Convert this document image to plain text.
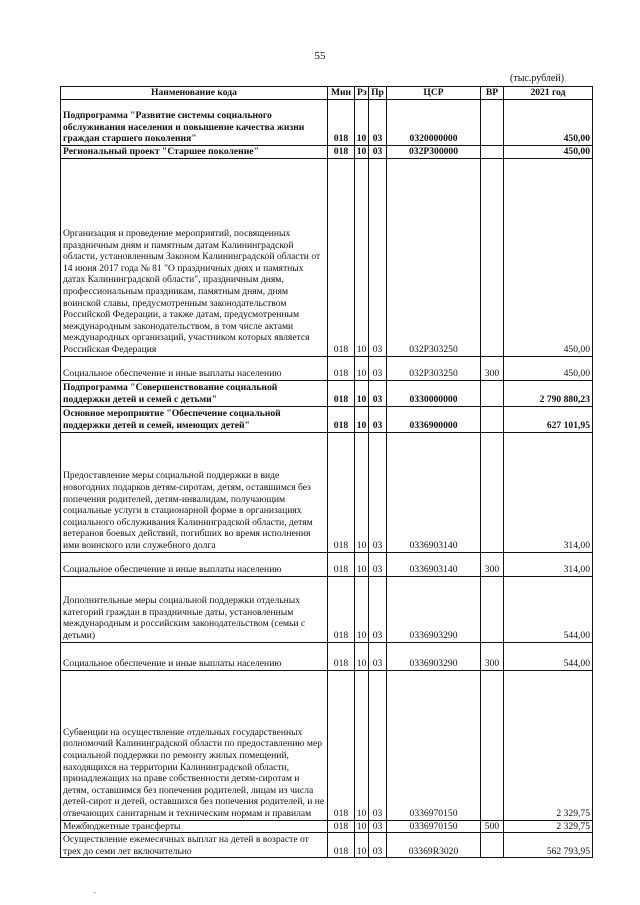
55
(тыс.рублей)
Наименование кода	Мин	Рз	Пр	ЦСР	ВР	2021 год
Подпрограмма "Развитие системы социального обслуживания населения и повышение качества жизни граждан старшего поколения"	018	10	03	0320000000		450,00
Региональный проект "Старшее поколение"	018	10	03	032P300000		450,00
Организация и проведение мероприятий, посвященных праздничным дням и памятным датам Калининградской области, установленным Законом Калининградской области от 14 июня 2017 года № 81 "О праздничных днях и памятных датах Калининградской области", праздничным дням, профессиональным праздникам, памятным дням, дням воинской славы, предусмотренным законодательством Российской Федерации, а также датам, предусмотренным международным законодательством, в том числе актами международных организаций, участником которых является Российская Федерация	018	10	03	032P303250		450,00
Социальное обеспечение и иные выплаты населению	018	10	03	032P303250	300	450,00
Подпрограмма "Совершенствование социальной поддержки детей и семей с детьми"	018	10	03	0330000000		2 790 880,23
Основное мероприятие "Обеспечение социальной поддержки детей и семей, имеющих детей"	018	10	03	0336900000		627 101,95
Предоставление меры социальной поддержки в виде новогодних подарков детям-сиротам, детям, оставшимся без попечения родителей, детям-инвалидам, получающим социальные услуги в стационарной форме в организациях социального обслуживания Калининградской области, детям ветеранов боевых действий, погибших во время исполнения ими воинского или служебного долга	018	10	03	0336903140		314,00
Социальное обеспечение и иные выплаты населению	018	10	03	0336903140	300	314,00
Дополнительные меры социальной поддержки отдельных категорий граждан в праздничные даты, установленным международным и российским законодательством (семьи с детьми)	018	10	03	0336903290		544,00
Социальное обеспечение и иные выплаты населению	018	10	03	0336903290	300	544,00
Субвенции на осуществление отдельных государственных полномочий Калининградской области по предоставлению мер социальной поддержки по ремонту жилых помещений, находящихся на территории Калининградской области, принадлежащих на праве собственности детям-сиротам и детям, оставшимся без попечения родителей, лицам из числа детей-сирот и детей, оставшихся без попечения родителей, и не отвечающих санитарным и техническим нормам и правилам	018	10	03	0336970150		2 329,75
Межбюджетные трансферты	018	10	03	0336970150	500	2 329,75
Осуществление ежемесячных выплат на детей в возрасте от трех до семи лет включительно	018	10	03	03369R3020		562 793,95
.
